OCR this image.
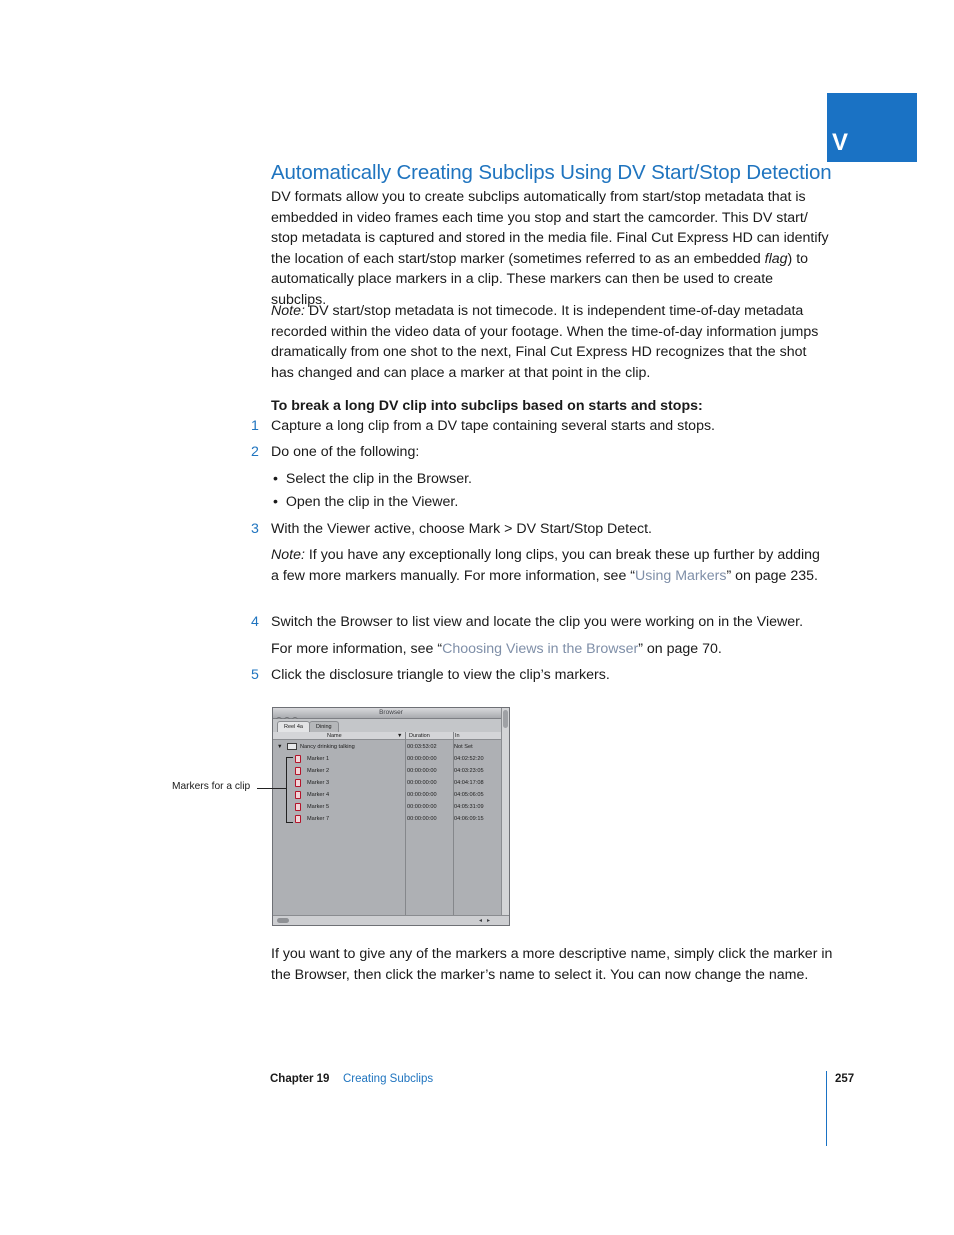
V
Automatically Creating Subclips Using DV Start/Stop Detection
DV formats allow you to create subclips automatically from start/stop metadata that is embedded in video frames each time you stop and start the camcorder. This DV start/ stop metadata is captured and stored in the media file. Final Cut Express HD can identify the location of each start/stop marker (sometimes referred to as an embedded flag) to automatically place markers in a clip. These markers can then be used to create subclips.
Note: DV start/stop metadata is not timecode. It is independent time-of-day metadata recorded within the video data of your footage. When the time-of-day information jumps dramatically from one shot to the next, Final Cut Express HD recognizes that the shot has changed and can place a marker at that point in the clip.
To break a long DV clip into subclips based on starts and stops:
1 Capture a long clip from a DV tape containing several starts and stops.
2 Do one of the following:
•  Select the clip in the Browser.
•  Open the clip in the Viewer.
3 With the Viewer active, choose Mark > DV Start/Stop Detect.
Note: If you have any exceptionally long clips, you can break these up further by adding a few more markers manually. For more information, see “Using Markers” on page 235.
4 Switch the Browser to list view and locate the clip you were working on in the Viewer.
For more information, see “Choosing Views in the Browser” on page 70.
5 Click the disclosure triangle to view the clip’s markers.
Browser
Reel 4a	Dining
Name	▼ Duration	In
▼	Nancy drinking talking	00:03:53:02	Not Set
Marker 1	00:00:00:00	04:02:52:20
Marker 2	00:00:00:00	04:03:23:05
Marker 3	00:00:00:00	04:04:17:08
Marker 4	00:00:00:00	04:05:06:05
Marker 5	00:00:00:00	04:05:31:09
Marker 7	00:00:00:00	04:06:09:15
◂ ▸
Markers for a clip
If you want to give any of the markers a more descriptive name, simply click the marker in the Browser, then click the marker’s name to select it. You can now change the name.
Chapter 19 Creating Subclips	257
